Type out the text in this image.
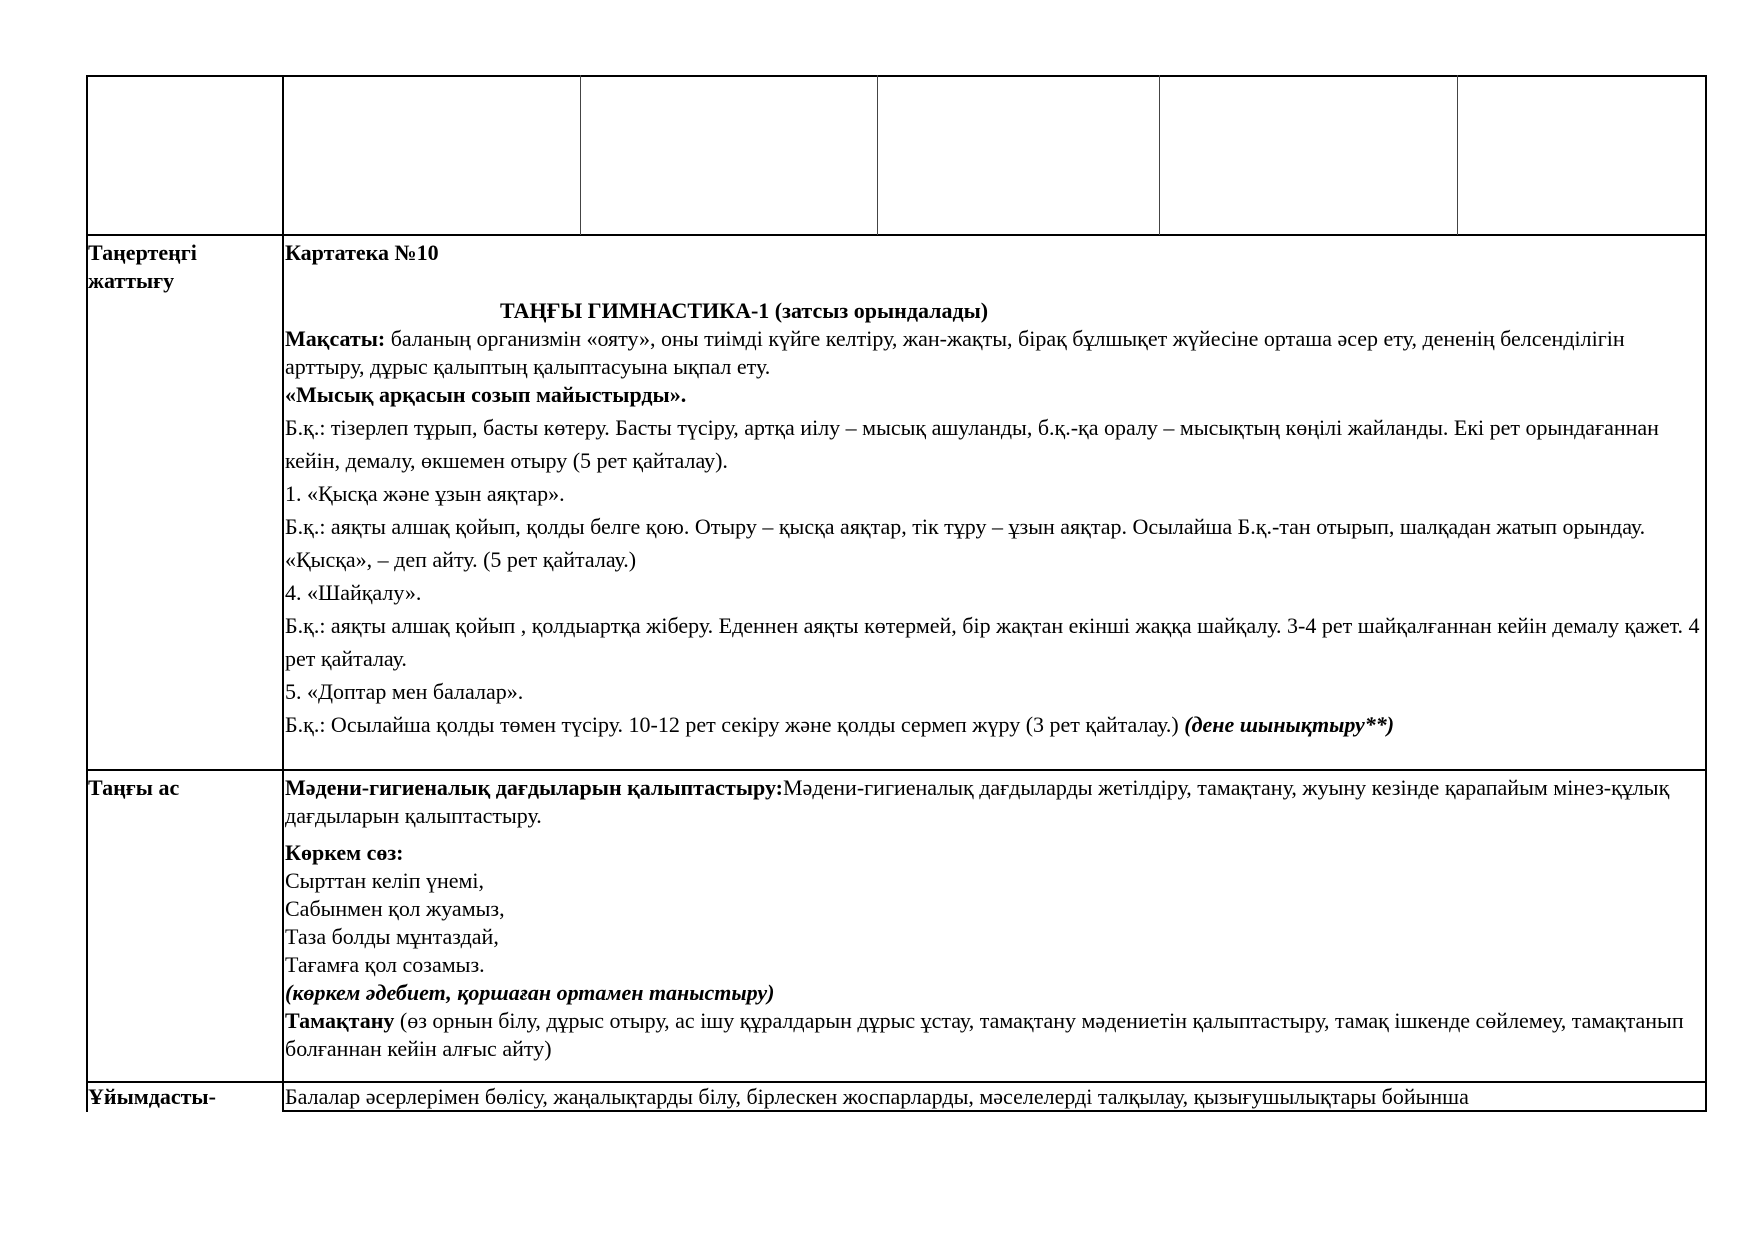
Таңертеңгі жаттығу

Картатека №10

ТАҢҒЫ ГИМНАСТИКА-1 (затсыз орындалады)

Мақсаты: баланың организмін «ояту», оны тиімді күйге келтіру, жан-жақты, бірақ бұлшықет жүйесіне орташа әсер ету, дененің белсенділігін арттыру, дұрыс қалыптың қалыптасуына ықпал ету.

«Мысық арқасын созып майыстырды».

Б.қ.: тізерлеп тұрып, басты көтеру. Басты түсіру, артқа иілу – мысық ашуланды, б.қ.-қа оралу – мысықтың көңілі жайланды. Екі рет орындағаннан кейін, демалу, өкшемен отыру (5 рет қайталау).

1. «Қысқа және ұзын аяқтар».

Б.қ.: аяқты алшақ қойып, қолды белге қою. Отыру – қысқа аяқтар, тік тұру – ұзын аяқтар. Осылайша Б.қ.-тан отырып, шалқадан жатып орындау. «Қысқа», – деп айту. (5 рет қайталау.)

4. «Шайқалу».

Б.қ.: аяқты алшақ қойып , қолдыартқа жіберу. Еденнен аяқты көтермей, бір жақтан екінші жаққа шайқалу. 3-4 рет шайқалғаннан кейін демалу қажет. 4 рет қайталау.

5. «Доптар мен балалар».

Б.қ.: Осылайша қолды төмен түсіру. 10-12 рет секіру және қолды сермеп жүру (3 рет қайталау.) (дене шынықтыру**)

Таңғы ас	Мәдени-гигиеналық дағдыларын қалыптастыру:Мәдени-гигиеналық дағдыларды жетілдіру, тамақтану, жуыну кезінде қарапайым мінез-құлық дағдыларын қалыптастыру.

Көркем сөз:

Сырттан келіп үнемі,

Сабынмен қол жуамыз,

Таза болды мұнтаздай,

Тағамға қол созамыз.

(көркем әдебиет, қоршаған ортамен таныстыру)

Тамақтану (өз орнын білу, дұрыс отыру, ас ішу құралдарын дұрыс ұстау, тамақтану мәдениетін қалыптастыру, тамақ ішкенде сөйлемеу, тамақтанып болғаннан кейін алғыс айту)

Ұйымдасты-	Балалар әсерлерімен бөлісу, жаңалықтарды білу, бірлескен жоспарларды, мәселелерді талқылау, қызығушылықтары бойынша
